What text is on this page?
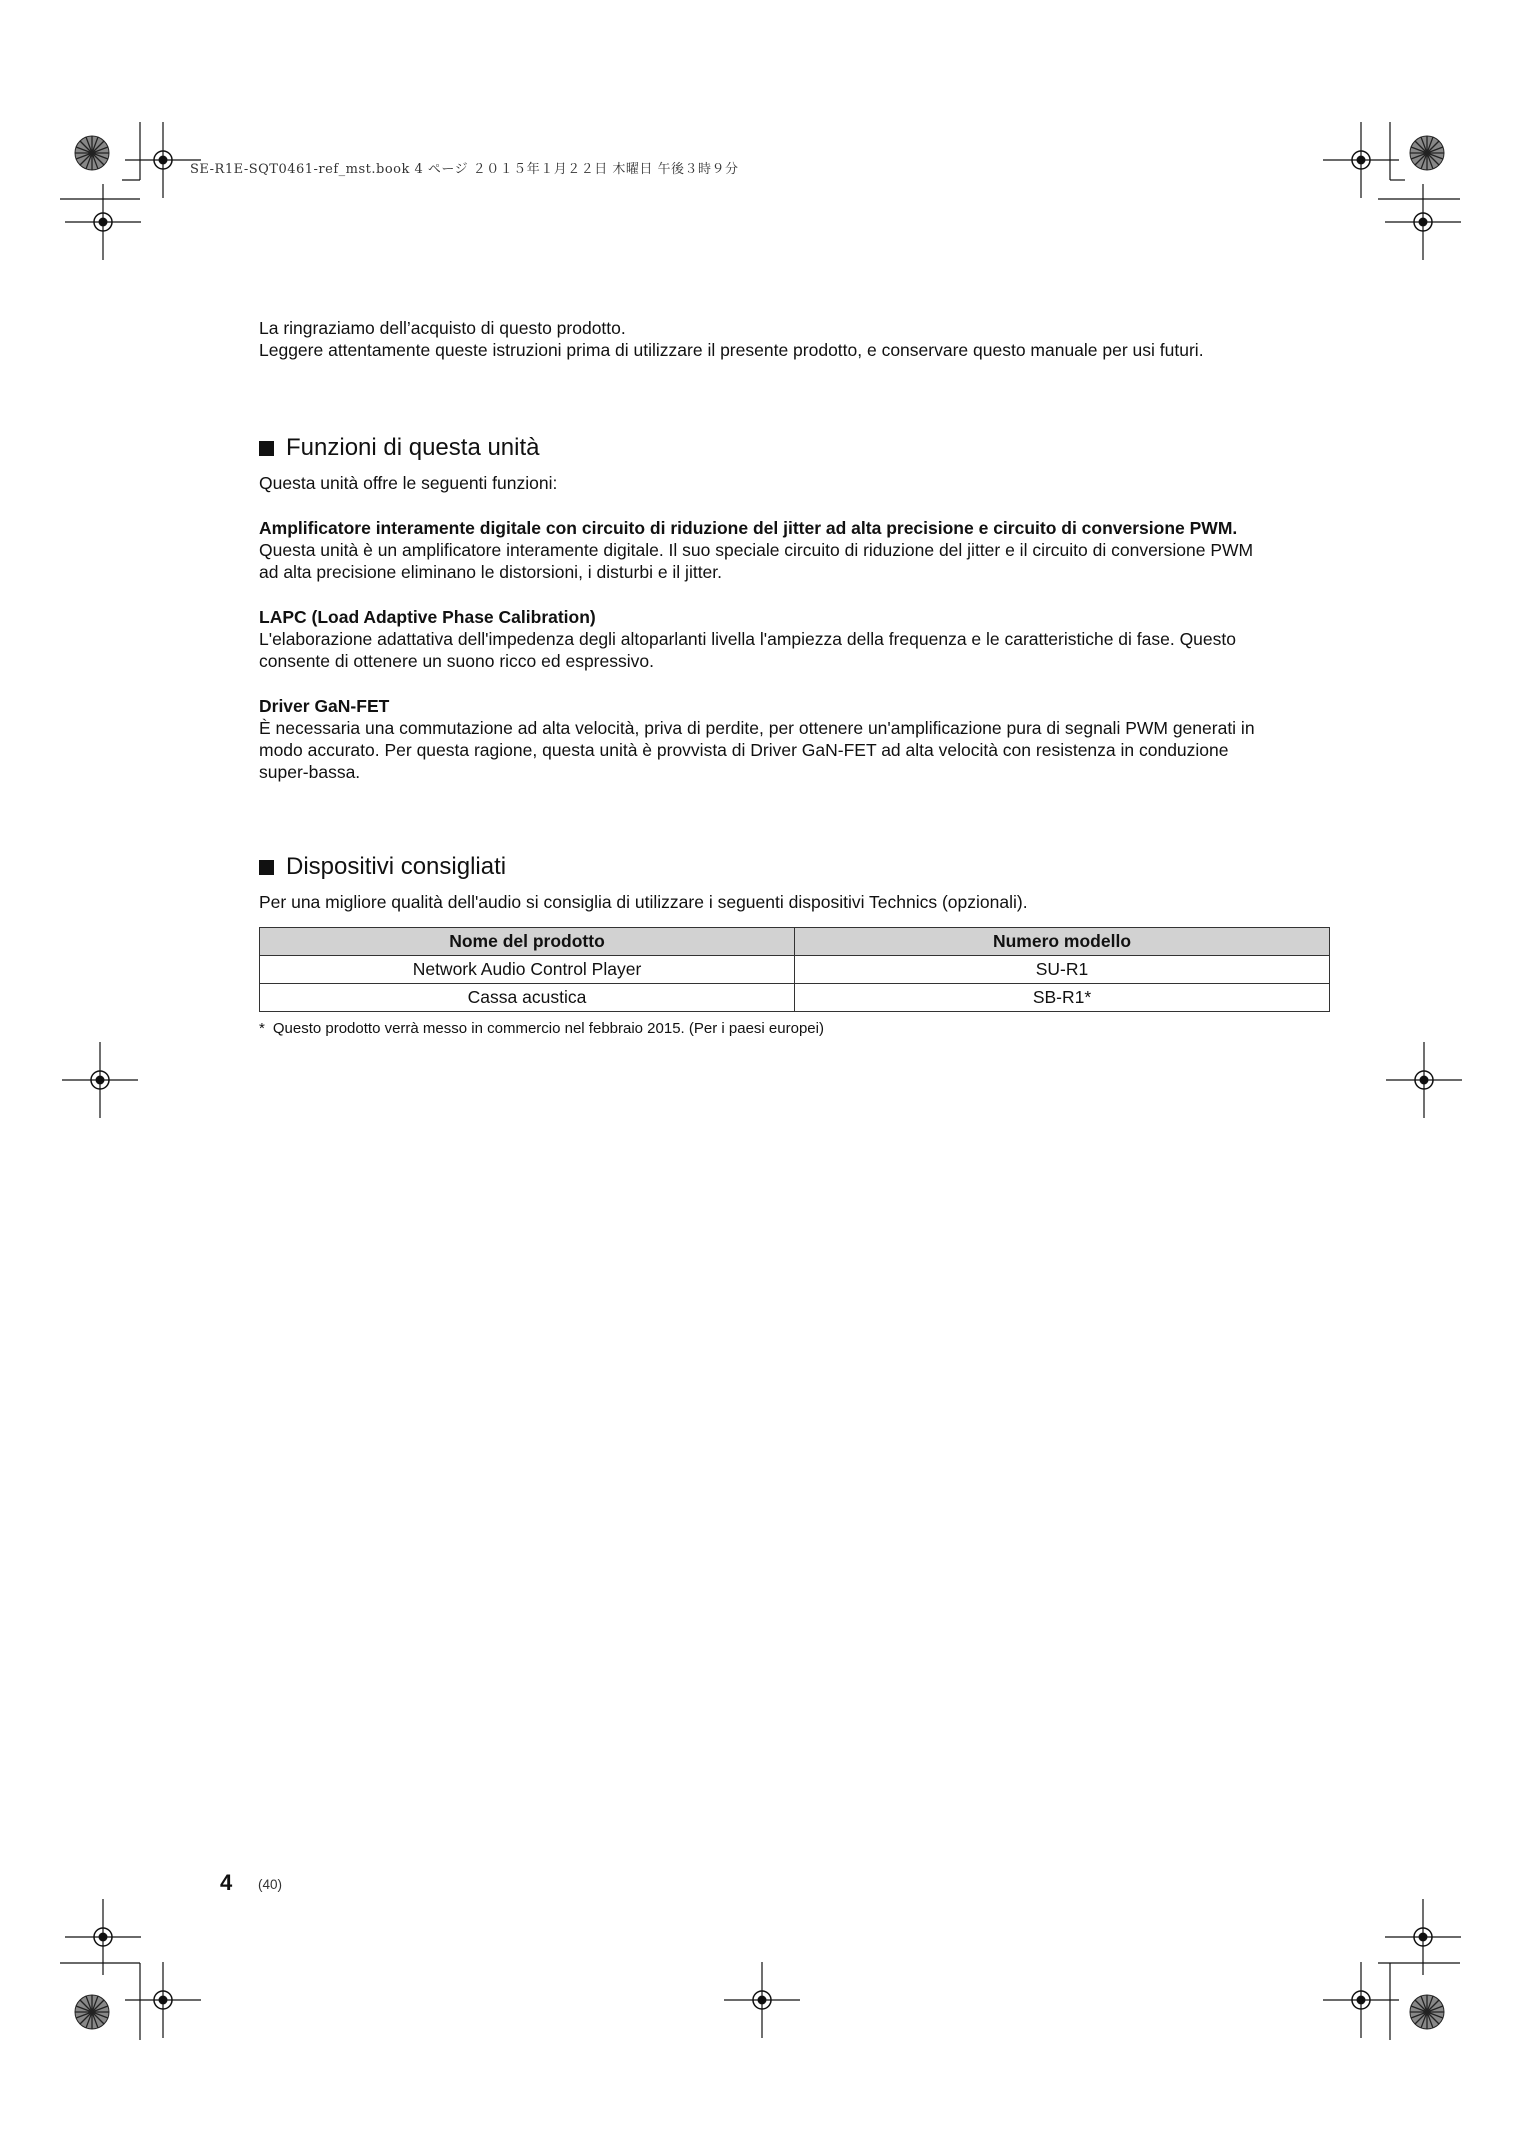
SE-R1E-SQT0461-ref_mst.book 4 ページ ２０１５年１月２２日 木曜日 午後３時９分

La ringraziamo dell’acquisto di questo prodotto.

Leggere attentamente queste istruzioni prima di utilizzare il presente prodotto, e conservare questo manuale per usi futuri.

Funzioni di questa unità

Questa unità offre le seguenti funzioni:

Amplificatore interamente digitale con circuito di riduzione del jitter ad alta precisione e circuito di conversione PWM.

Questa unità è un amplificatore interamente digitale. Il suo speciale circuito di riduzione del jitter e il circuito di conversione PWM

ad alta precisione eliminano le distorsioni, i disturbi e il jitter.

LAPC (Load Adaptive Phase Calibration)

L'elaborazione adattativa dell'impedenza degli altoparlanti livella l'ampiezza della frequenza e le caratteristiche di fase. Questo

consente di ottenere un suono ricco ed espressivo.

Driver GaN-FET

È necessaria una commutazione ad alta velocità, priva di perdite, per ottenere un'amplificazione pura di segnali PWM generati in

modo accurato. Per questa ragione, questa unità è provvista di Driver GaN-FET ad alta velocità con resistenza in conduzione

super-bassa.

Dispositivi consigliati

Per una migliore qualità dell'audio si consiglia di utilizzare i seguenti dispositivi Technics (opzionali).

Nome del prodotto	Numero modello
Network Audio Control Player	SU-R1
Cassa acustica	SB-R1*
* Questo prodotto verrà messo in commercio nel febbraio 2015. (Per i paesi europei)
4 (40)
